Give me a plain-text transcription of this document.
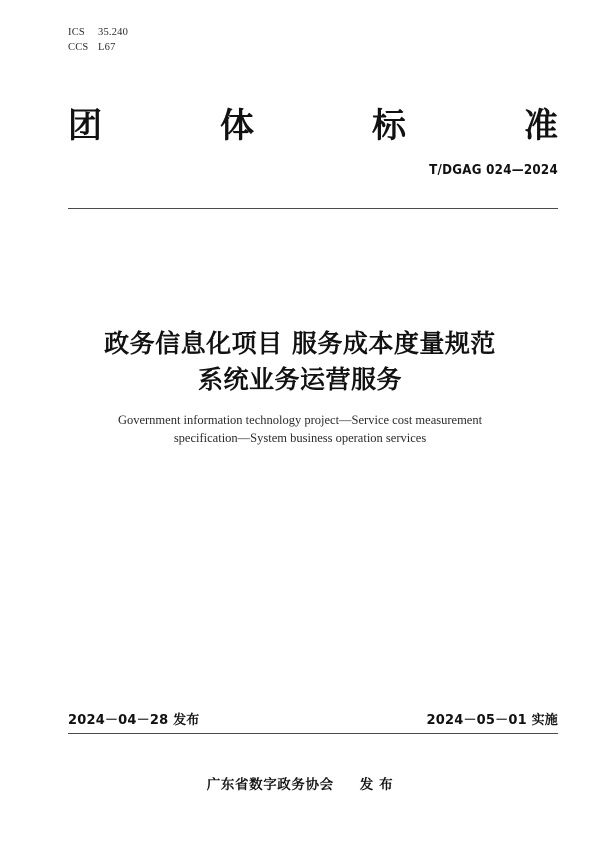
ICS 35.240
CCS L67
团	体	标	准
T/DGAG 024—2024
政务信息化项目 服务成本度量规范
系统业务运营服务
Government information technology project—Service cost measurement
specification—System business operation services
2024－04－28 发布	2024－05－01 实施
广东省数字政务协会 发 布
